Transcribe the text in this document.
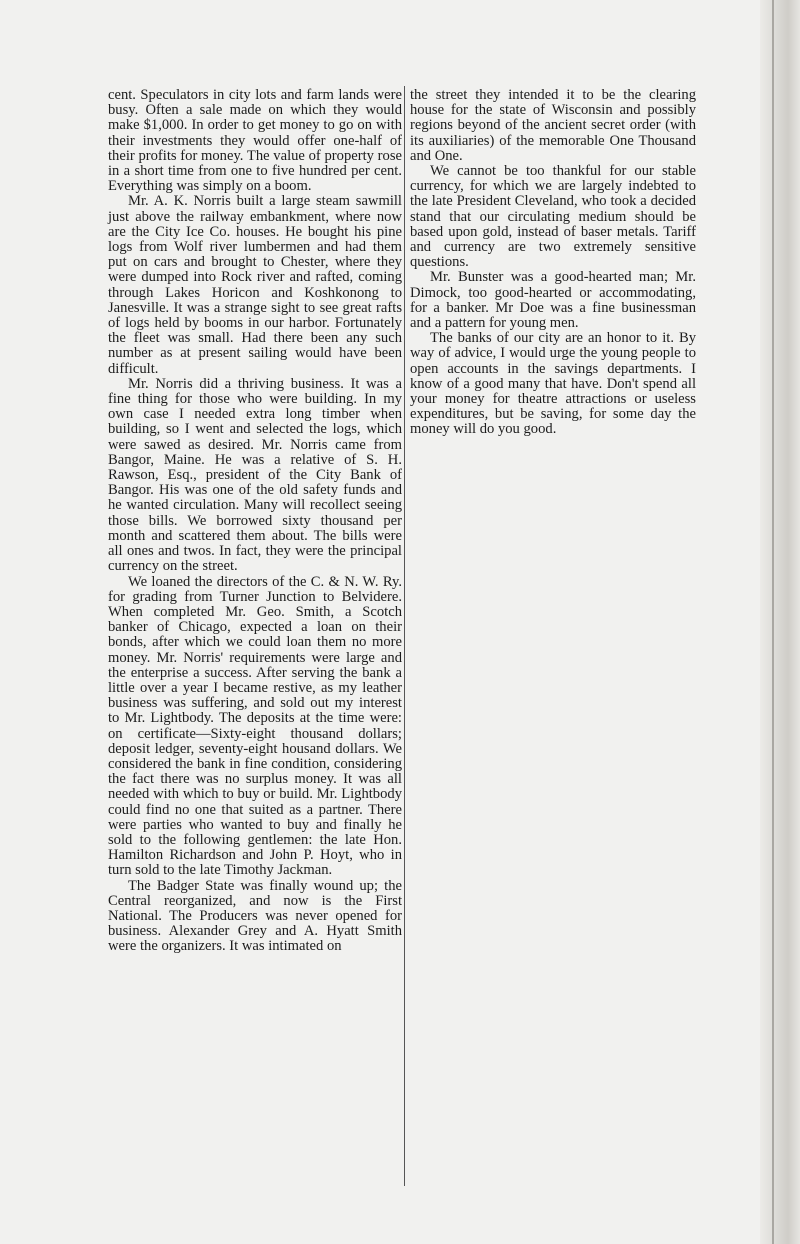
cent. Speculators in city lots and farm lands were busy. Often a sale made on which they would make $1,000. In order to get money to go on with their investments they would offer one-half of their profits for money. The value of property rose in a short time from one to five hundred per cent. Everything was simply on a boom.

Mr. A. K. Norris built a large steam sawmill just above the railway embankment, where now are the City Ice Co. houses. He bought his pine logs from Wolf river lumbermen and had them put on cars and brought to Chester, where they were dumped into Rock river and rafted, coming through Lakes Horicon and Koshkonong to Janesville. It was a strange sight to see great rafts of logs held by booms in our harbor. Fortunately the fleet was small. Had there been any such number as at present sailing would have been difficult.

Mr. Norris did a thriving business. It was a fine thing for those who were building. In my own case I needed extra long timber when building, so I went and selected the logs, which were sawed as desired. Mr. Norris came from Bangor, Maine. He was a relative of S. H. Rawson, Esq., president of the City Bank of Bangor. His was one of the old safety funds and he wanted circulation. Many will recollect seeing those bills. We borrowed sixty thousand per month and scattered them about. The bills were all ones and twos. In fact, they were the principal currency on the street.

We loaned the directors of the C. & N. W. Ry. for grading from Turner Junction to Belvidere. When completed Mr. Geo. Smith, a Scotch banker of Chicago, expected a loan on their bonds, after which we could loan them no more money. Mr. Norris' requirements were large and the enterprise a success. After serving the bank a little over a year I became restive, as my leather business was suffering, and sold out my interest to Mr. Lightbody. The deposits at the time were: on certificate—Sixty-eight thousand dollars; deposit ledger, seventy-eight housand dollars. We considered the bank in fine condition, considering the fact there was no surplus money. It was all needed with which to buy or build. Mr. Lightbody could find no one that suited as a partner. There were parties who wanted to buy and finally he sold to the following gentlemen: the late Hon. Hamilton Richardson and John P. Hoyt, who in turn sold to the late Timothy Jackman.

The Badger State was finally wound up; the Central reorganized, and now is the First National. The Producers was never opened for business. Alexander Grey and A. Hyatt Smith were the organizers. It was intimated on

the street they intended it to be the clearing house for the state of Wisconsin and possibly regions beyond of the ancient secret order (with its auxiliaries) of the memorable One Thousand and One.

We cannot be too thankful for our stable currency, for which we are largely indebted to the late President Cleveland, who took a decided stand that our circulating medium should be based upon gold, instead of baser metals. Tariff and currency are two extremely sensitive questions.

Mr. Bunster was a good-hearted man; Mr. Dimock, too good-hearted or accommodating, for a banker. Mr Doe was a fine businessman and a pattern for young men.

The banks of our city are an honor to it. By way of advice, I would urge the young people to open accounts in the savings departments. I know of a good many that have. Don't spend all your money for theatre attractions or useless expenditures, but be saving, for some day the money will do you good.
